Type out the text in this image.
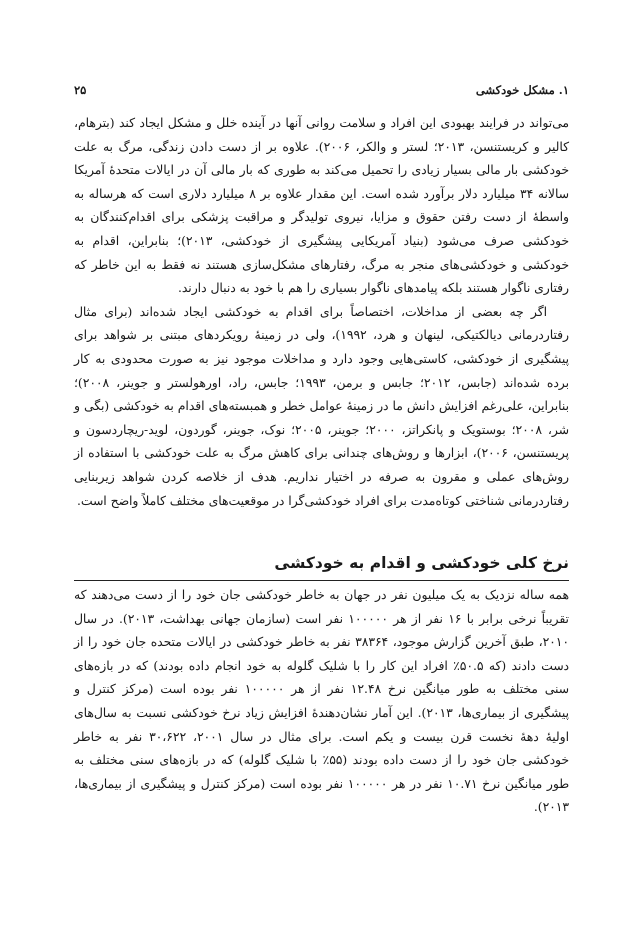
۱. مشکل خودکشی
۲۵

می‌تواند در فرایند بهبودی این افراد و سلامت روانی آنها در آینده خلل و مشکل ایجاد کند (بترهام، کالیر و کریستنسن، ۲۰۱۳؛ لستر و والکر، ۲۰۰۶). علاوه بر از دست دادن زندگی، مرگ به علت خودکشی بار مالی بسیار زیادی را تحمیل می‌کند به طوری که بار مالی آن در ایالات متحدهٔ آمریکا سالانه ۳۴ میلیارد دلار برآورد شده است. این مقدار علاوه بر ۸ میلیارد دلاری است که هرساله به واسطهٔ از دست رفتن حقوق و مزایا، نیروی تولیدگر و مراقبت پزشکی برای اقدام‌کنندگان به خودکشی صرف می‌شود (بنیاد آمریکایی پیشگیری از خودکشی، ۲۰۱۳)؛ بنابراین، اقدام به خودکشی و خودکشی‌های منجر به مرگ، رفتارهای مشکل‌سازی هستند نه فقط به این خاطر که رفتاری ناگوار هستند بلکه پیامدهای ناگوار بسیاری را هم با خود به دنبال دارند.

اگر چه بعضی از مداخلات، اختصاصاً برای اقدام به خودکشی ایجاد شده‌اند (برای مثال رفتاردرمانی دیالکتیکی، لینهان و هرد، ۱۹۹۲)، ولی در زمینهٔ رویکردهای مبتنی بر شواهد برای پیشگیری از خودکشی، کاستی‌هایی وجود دارد و مداخلات موجود نیز به صورت محدودی به کار برده شده‌اند (جابس، ۲۰۱۲؛ جابس و برمن، ۱۹۹۳؛ جابس، راد، اورهولستر و جوینر، ۲۰۰۸)؛ بنابراین، علی‌رغم افزایش دانش ما در زمینهٔ عوامل خطر و همبسته‌های اقدام به خودکشی (بگی و شر، ۲۰۰۸؛ بوستویک و پانکراتز، ۲۰۰۰؛ جوینر، ۲۰۰۵؛ نوک، جوینر، گوردون، لوید-ریچاردسون و پریستنسن، ۲۰۰۶)، ابزارها و روش‌های چندانی برای کاهش مرگ به علت خودکشی با استفاده از روش‌های عملی و مقرون به صرفه در اختیار نداریم. هدف از خلاصه کردن شواهد زیربنایی رفتاردرمانی شناختی کوتاه‌مدت برای افراد خودکشی‌گرا در موقعیت‌های مختلف کاملاً واضح است.

نرخ کلی خودکشی و اقدام به خودکشی

همه ساله نزدیک به یک میلیون نفر در جهان به خاطر خودکشی جان خود را از دست می‌دهند که تقریباً نرخی برابر با ۱۶ نفر از هر ۱۰۰۰۰۰ نفر است (سازمان جهانی بهداشت، ۲۰۱۳). در سال ۲۰۱۰، طبق آخرین گزارش موجود، ۳۸۳۶۴ نفر به خاطر خودکشی در ایالات متحده جان خود را از دست دادند (که ۵۰.۵٪ افراد این کار را با شلیک گلوله به خود انجام داده بودند) که در بازه‌های سنی مختلف به طور میانگین نرخ ۱۲.۴۸ نفر از هر ۱۰۰۰۰۰ نفر بوده است (مرکز کنترل و پیشگیری از بیماری‌ها، ۲۰۱۳). این آمار نشان‌دهندهٔ افزایش زیاد نرخ خودکشی نسبت به سال‌های اولیهٔ دههٔ نخست قرن بیست و یکم است. برای مثال در سال ۲۰۰۱، ۳۰،۶۲۲ نفر به خاطر خودکشی جان خود را از دست داده بودند (۵۵٪ با شلیک گلوله) که در بازه‌های سنی مختلف به طور میانگین نرخ ۱۰.۷۱ نفر در هر ۱۰۰۰۰۰ نفر بوده است (مرکز کنترل و پیشگیری از بیماری‌ها، ۲۰۱۳).
